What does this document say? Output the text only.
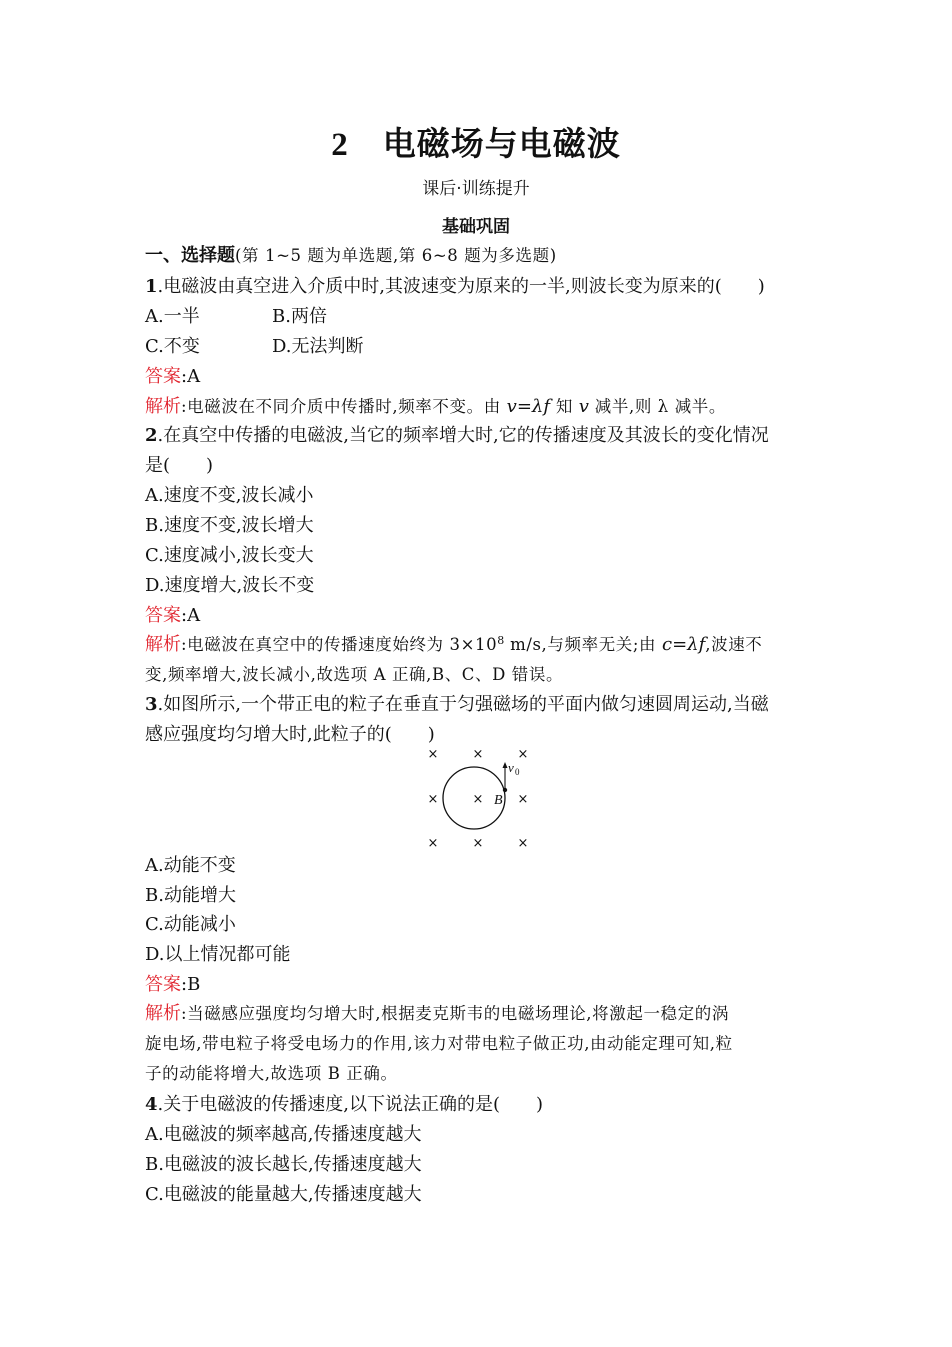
2 电磁场与电磁波
课后·训练提升
基础巩固
一、选择题(第 1~5 题为单选题,第 6~8 题为多选题)
1.电磁波由真空进入介质中时,其波速变为原来的一半,则波长变为原来的(　　)
A.一半	B.两倍
C.不变	D.无法判断
答案:A
解析:电磁波在不同介质中传播时,频率不变。由 v=λf 知 v 减半,则 λ 减半。
2.在真空中传播的电磁波,当它的频率增大时,它的传播速度及其波长的变化情况
是(　　)
A.速度不变,波长减小
B.速度不变,波长增大
C.速度减小,波长变大
D.速度增大,波长不变
答案:A
解析:电磁波在真空中的传播速度始终为 $3\times 10^8$ m/s,与频率无关;由 c=λf,波速不
变,频率增大,波长减小,故选项 A 正确,B、C、D 错误。
3.如图所示,一个带正电的粒子在垂直于匀强磁场的平面内做匀速圆周运动,当磁
感应强度均匀增大时,此粒子的(　　)
×	×	×
×	×	×
×	×	×
B
v 0
A.动能不变
B.动能增大
C.动能减小
D.以上情况都可能
答案:B
解析:当磁感应强度均匀增大时,根据麦克斯韦的电磁场理论,将激起一稳定的涡
旋电场,带电粒子将受电场力的作用,该力对带电粒子做正功,由动能定理可知,粒
子的动能将增大,故选项 B 正确。
4.关于电磁波的传播速度,以下说法正确的是(　　)
A.电磁波的频率越高,传播速度越大
B.电磁波的波长越长,传播速度越大
C.电磁波的能量越大,传播速度越大
